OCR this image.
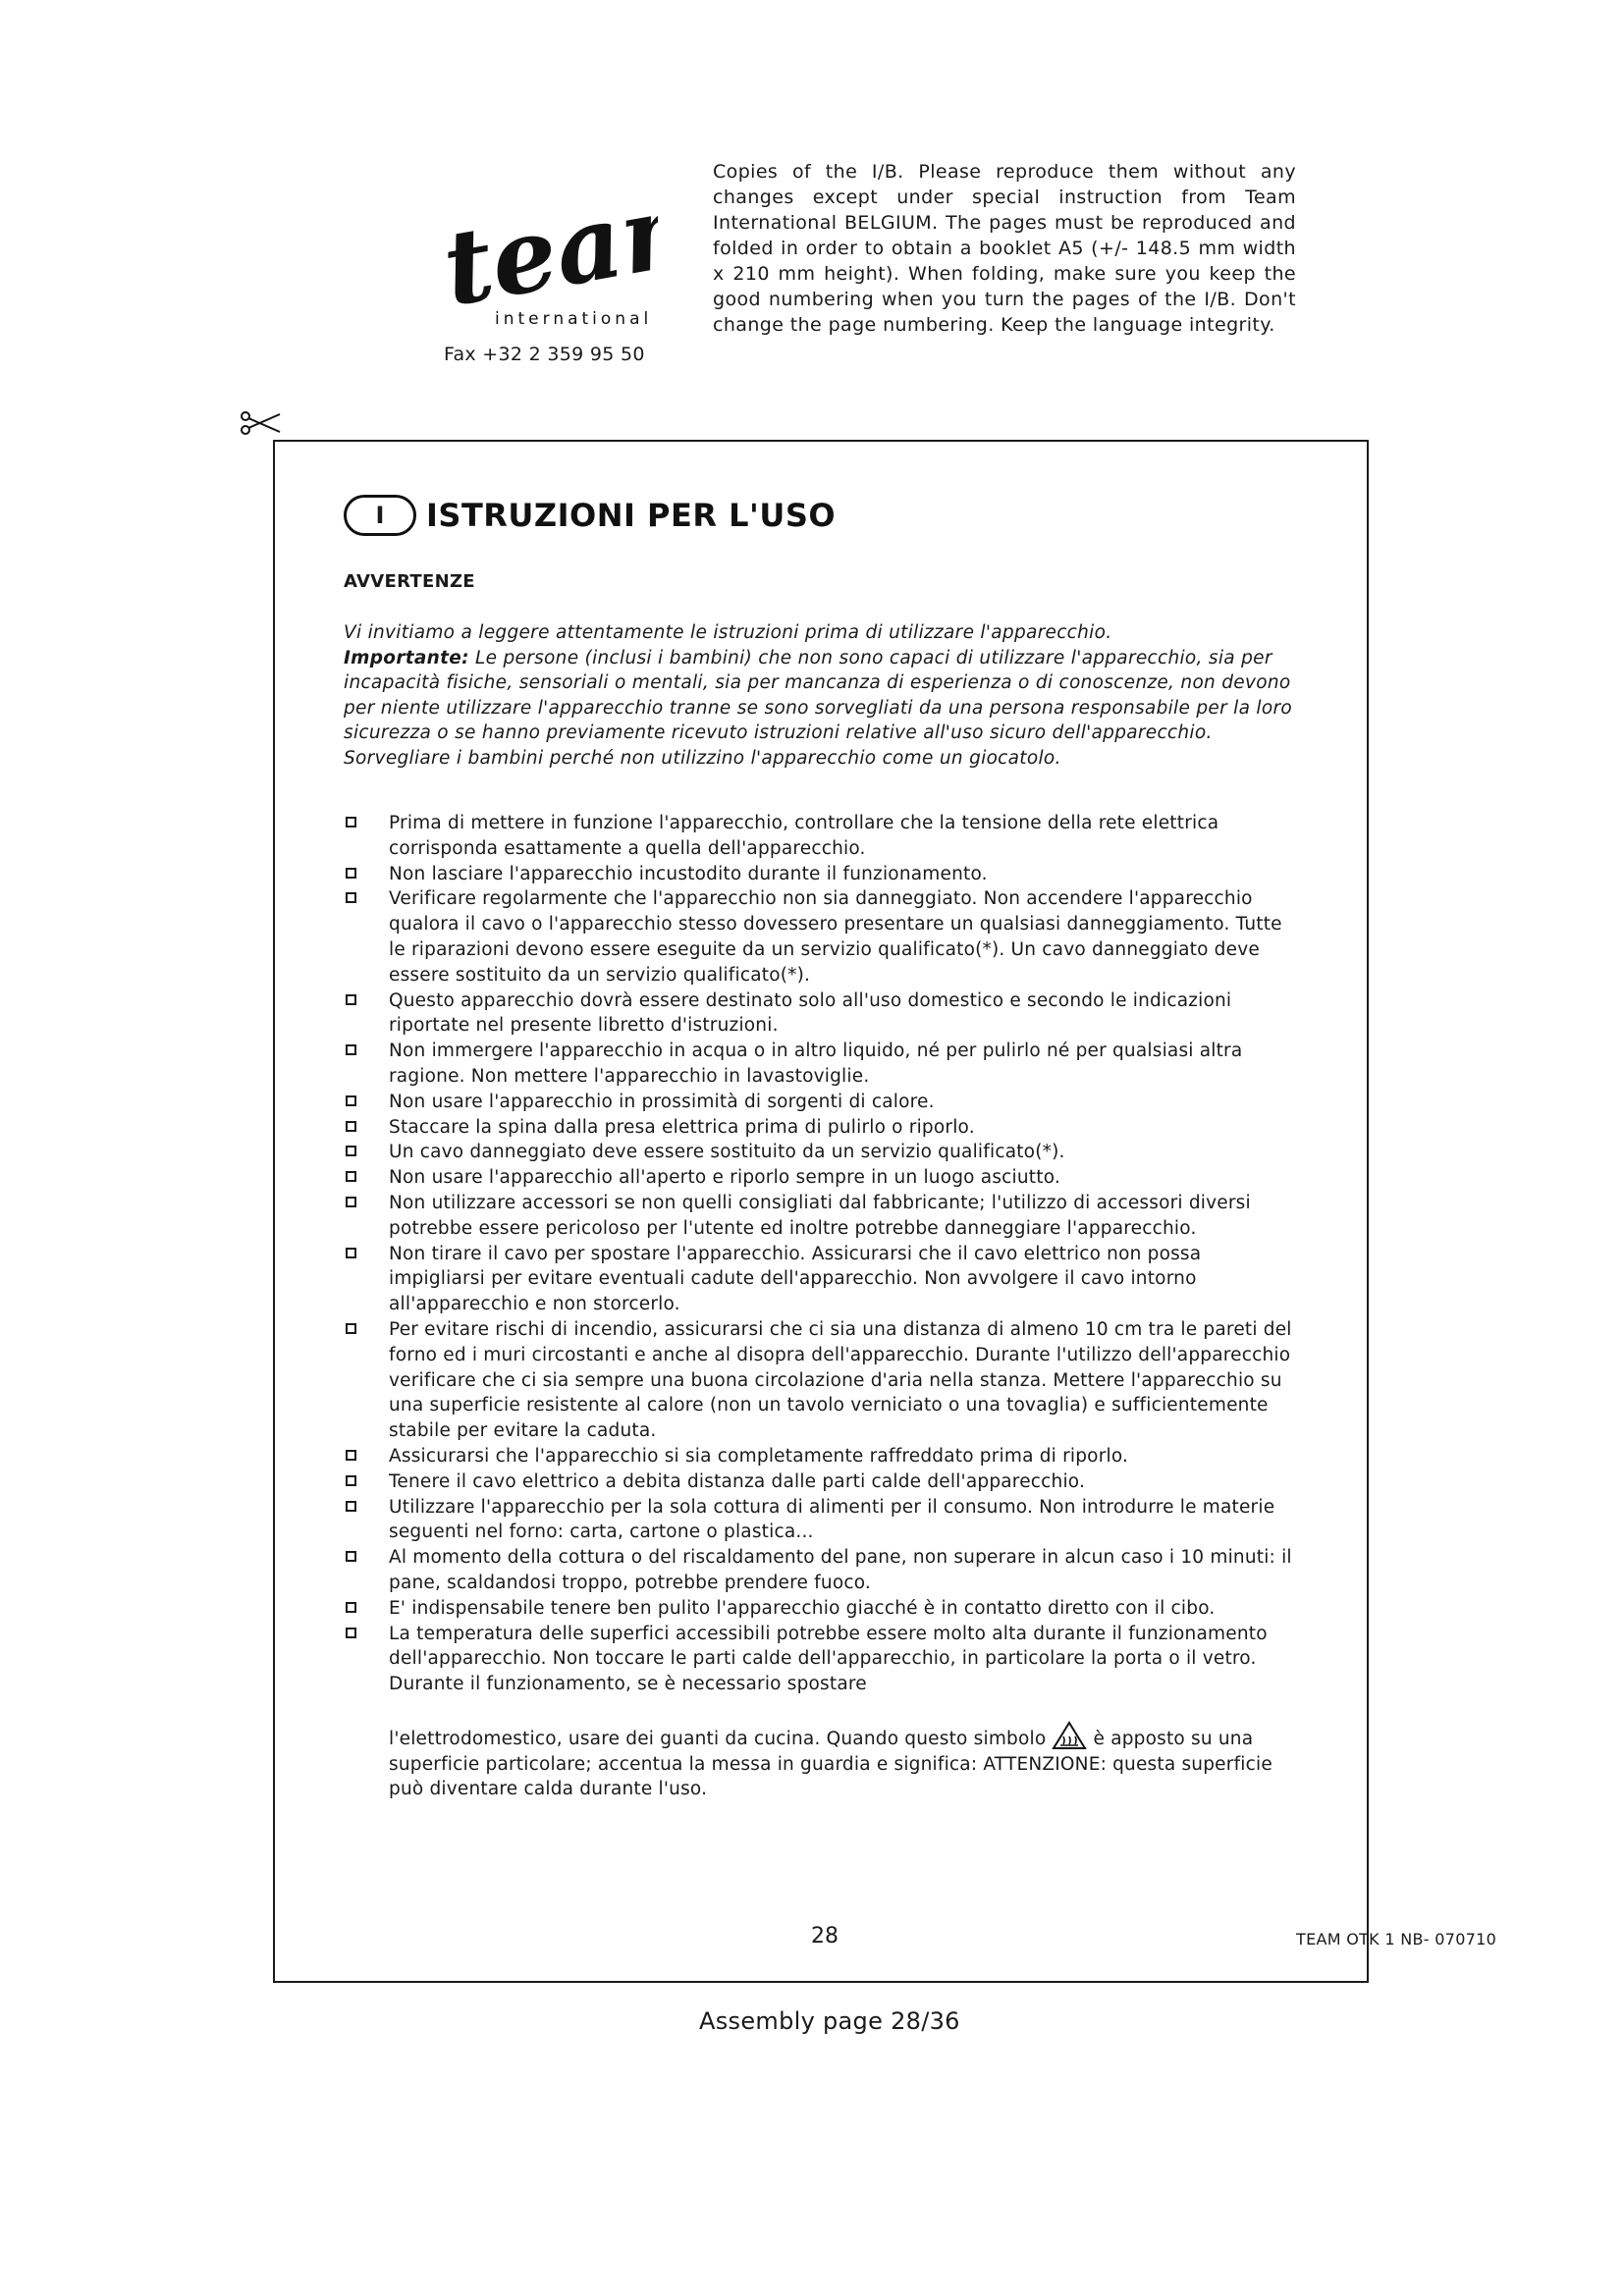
team
international
Fax +32 2 359 95 50
Copies of the I/B. Please reproduce them without any changes except under special instruction from Team International BELGIUM. The pages must be reproduced and folded in order to obtain a booklet A5 (+/- 148.5 mm width x 210 mm height). When folding, make sure you keep the good numbering when you turn the pages of the I/B. Don't change the page numbering. Keep the language integrity.
I	ISTRUZIONI PER L'USO
AVVERTENZE
Vi invitiamo a leggere attentamente le istruzioni prima di utilizzare l'apparecchio.
Importante: Le persone (inclusi i bambini) che non sono capaci di utilizzare l'apparecchio, sia per incapacità fisiche, sensoriali o mentali, sia per mancanza di esperienza o di conoscenze, non devono per niente utilizzare l'apparecchio tranne se sono sorvegliati da una persona responsabile per la loro sicurezza o se hanno previamente ricevuto istruzioni relative all'uso sicuro dell'apparecchio.
Sorvegliare i bambini perché non utilizzino l'apparecchio come un giocatolo.
Prima di mettere in funzione l'apparecchio, controllare che la tensione della rete elettrica corrisponda esattamente a quella dell'apparecchio.
Non lasciare l'apparecchio incustodito durante il funzionamento.
Verificare regolarmente che l'apparecchio non sia danneggiato. Non accendere l'apparecchio qualora il cavo o l'apparecchio stesso dovessero presentare un qualsiasi danneggiamento. Tutte le riparazioni devono essere eseguite da un servizio qualificato(*). Un cavo danneggiato deve essere sostituito da un servizio qualificato(*).
Questo apparecchio dovrà essere destinato solo all'uso domestico e secondo le indicazioni riportate nel presente libretto d'istruzioni.
Non immergere l'apparecchio in acqua o in altro liquido, né per pulirlo né per qualsiasi altra ragione. Non mettere l'apparecchio in lavastoviglie.
Non usare l'apparecchio in prossimità di sorgenti di calore.
Staccare la spina dalla presa elettrica prima di pulirlo o riporlo.
Un cavo danneggiato deve essere sostituito da un servizio qualificato(*).
Non usare l'apparecchio all'aperto e riporlo sempre in un luogo asciutto.
Non utilizzare accessori se non quelli consigliati dal fabbricante; l'utilizzo di accessori diversi potrebbe essere pericoloso per l'utente ed inoltre potrebbe danneggiare l'apparecchio.
Non tirare il cavo per spostare l'apparecchio. Assicurarsi che il cavo elettrico non possa impigliarsi per evitare eventuali cadute dell'apparecchio. Non avvolgere il cavo intorno all'apparecchio e non storcerlo.
Per evitare rischi di incendio, assicurarsi che ci sia una distanza di almeno 10 cm tra le pareti del forno ed i muri circostanti e anche al disopra dell'apparecchio. Durante l'utilizzo dell'apparecchio verificare che ci sia sempre una buona circolazione d'aria nella stanza. Mettere l'apparecchio su una superficie resistente al calore (non un tavolo verniciato o una tovaglia) e sufficientemente stabile per evitare la caduta.
Assicurarsi che l'apparecchio si sia completamente raffreddato prima di riporlo.
Tenere il cavo elettrico a debita distanza dalle parti calde dell'apparecchio.
Utilizzare l'apparecchio per la sola cottura di alimenti per il consumo. Non introdurre le materie seguenti nel forno: carta, cartone o plastica...
Al momento della cottura o del riscaldamento del pane, non superare in alcun caso i 10 minuti: il pane, scaldandosi troppo, potrebbe prendere fuoco.
E' indispensabile tenere ben pulito l'apparecchio giacché è in contatto diretto con il cibo.
La temperatura delle superfici accessibili potrebbe essere molto alta durante il funzionamento dell'apparecchio. Non toccare le parti calde dell'apparecchio, in particolare la porta o il vetro. Durante il funzionamento, se è necessario spostare
l'elettrodomestico, usare dei guanti da cucina. Quando questo simbolo  è apposto su una superficie particolare; accentua la messa in guardia e significa: ATTENZIONE: questa superficie può diventare calda durante l'uso.
28	TEAM OTK 1 NB- 070710
Assembly page 28/36
